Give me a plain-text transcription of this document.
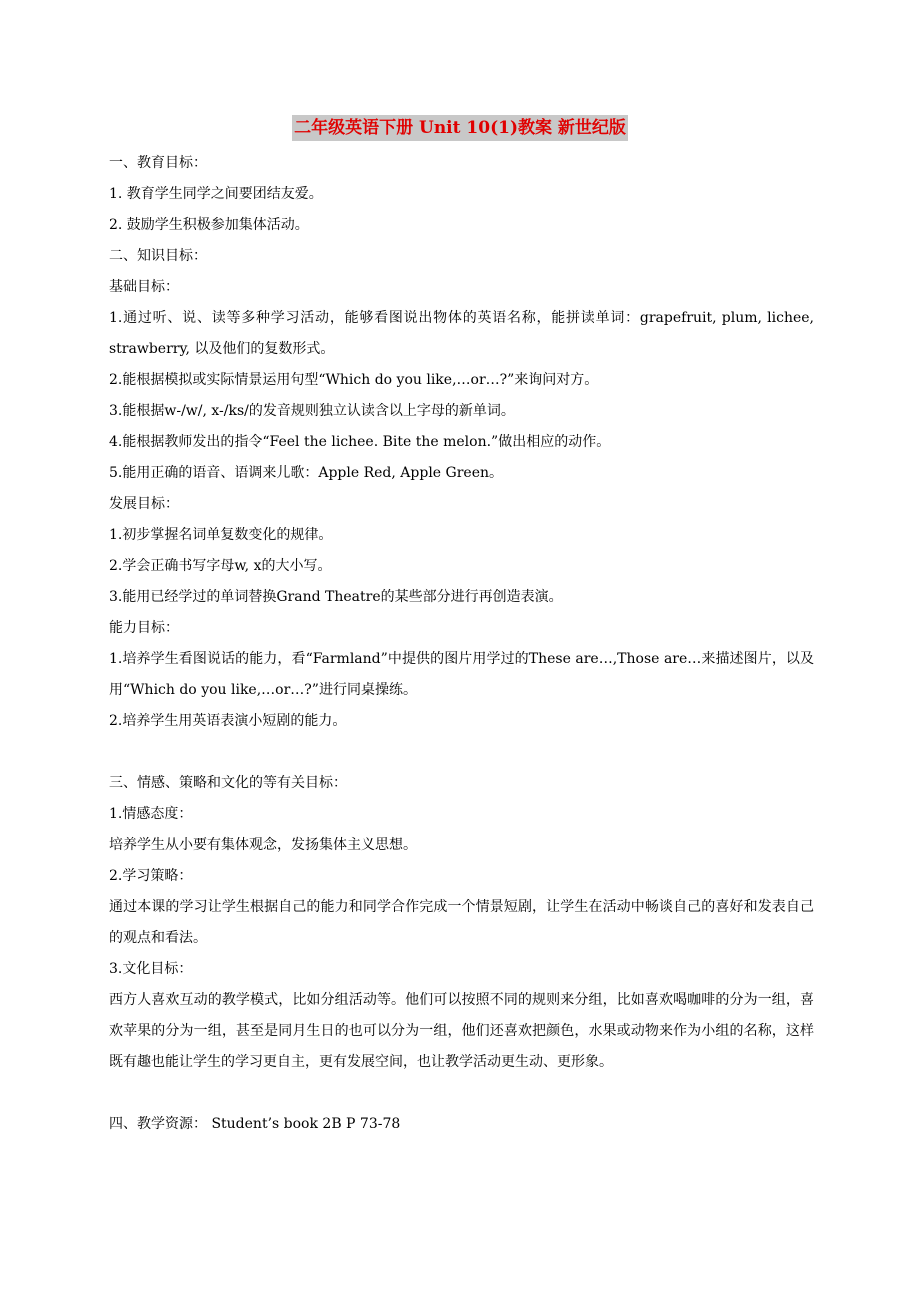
二年级英语下册 Unit 10(1)教案 新世纪版
一、教育目标：
1. 教育学生同学之间要团结友爱。
2. 鼓励学生积极参加集体活动。
二、知识目标：
基础目标：
1.通过听、说、读等多种学习活动，能够看图说出物体的英语名称，能拼读单词：grapefruit, plum, lichee, strawberry, 以及他们的复数形式。
2.能根据模拟或实际情景运用句型“Which do you like,…or…?”来询问对方。
3.能根据w-/w/, x-/ks/的发音规则独立认读含以上字母的新单词。
4.能根据教师发出的指令“Feel the lichee. Bite the melon.”做出相应的动作。
5.能用正确的语音、语调来儿歌：Apple Red, Apple Green。
发展目标：
1.初步掌握名词单复数变化的规律。
2.学会正确书写字母w, x的大小写。
3.能用已经学过的单词替换Grand Theatre的某些部分进行再创造表演。
能力目标：
1.培养学生看图说话的能力，看“Farmland”中提供的图片用学过的These are…,Those are…来描述图片，以及用“Which do you like,…or…?”进行同桌操练。
2.培养学生用英语表演小短剧的能力。
三、情感、策略和文化的等有关目标：
1.情感态度：
培养学生从小要有集体观念，发扬集体主义思想。
2.学习策略：
通过本课的学习让学生根据自己的能力和同学合作完成一个情景短剧，让学生在活动中畅谈自己的喜好和发表自己的观点和看法。
3.文化目标：
西方人喜欢互动的教学模式，比如分组活动等。他们可以按照不同的规则来分组，比如喜欢喝咖啡的分为一组，喜欢苹果的分为一组，甚至是同月生日的也可以分为一组，他们还喜欢把颜色，水果或动物来作为小组的名称，这样既有趣也能让学生的学习更自主，更有发展空间，也让教学活动更生动、更形象。
四、教学资源： Student’s book 2B P 73-78
